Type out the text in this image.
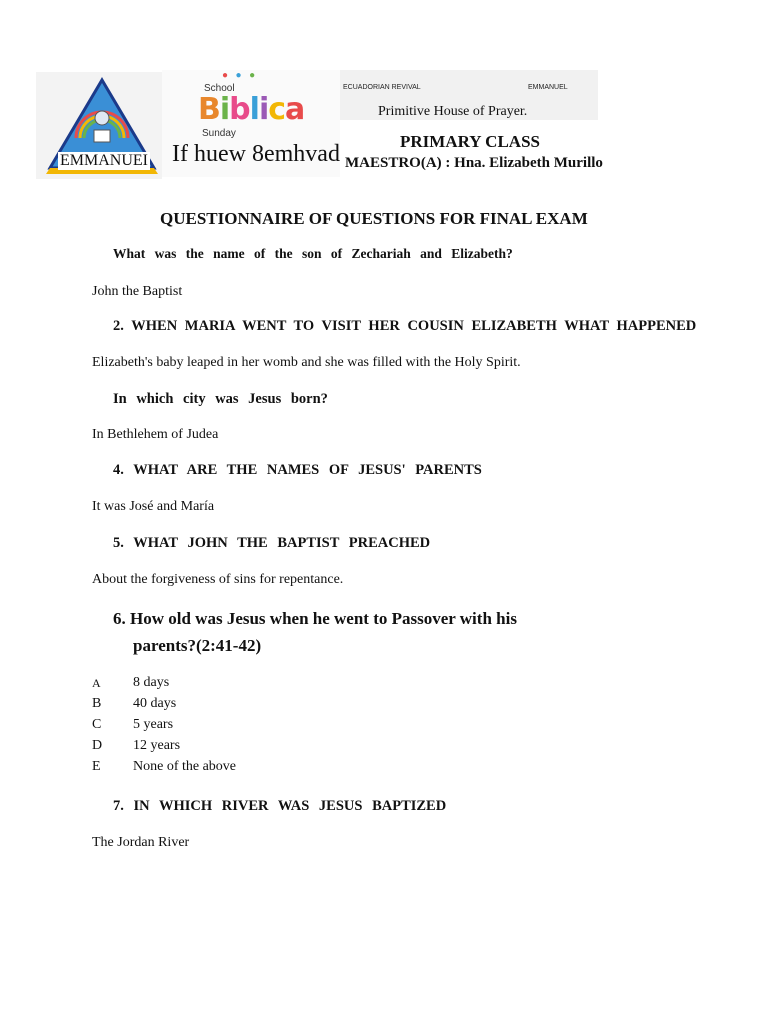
EMMANUEI
● ● ●
School
Biblica
Sunday
If huew 8emhvad
ECUADORIAN REVIVAL	EMMANUEL
Primitive House of Prayer.
PRIMARY CLASS
MAESTRO(A) : Hna. Elizabeth Murillo
QUESTIONNAIRE OF QUESTIONS FOR FINAL EXAM
What was the name of the son of Zechariah and Elizabeth?
John the Baptist
2. WHEN MARIA WENT TO VISIT HER COUSIN ELIZABETH WHAT HAPPENED
Elizabeth's baby leaped in her womb and she was filled with the Holy Spirit.
In which city was Jesus born?
In Bethlehem of Judea
4. WHAT ARE THE NAMES OF JESUS' PARENTS
It was José and María
5. WHAT JOHN THE BAPTIST PREACHED
About the forgiveness of sins for repentance.
6. How old was Jesus when he went to Passover with his
parents?(2:41-42)
A 8 days
B 40 days
C 5 years
D 12 years
E None of the above
7. IN WHICH RIVER WAS JESUS BAPTIZED
The Jordan River
